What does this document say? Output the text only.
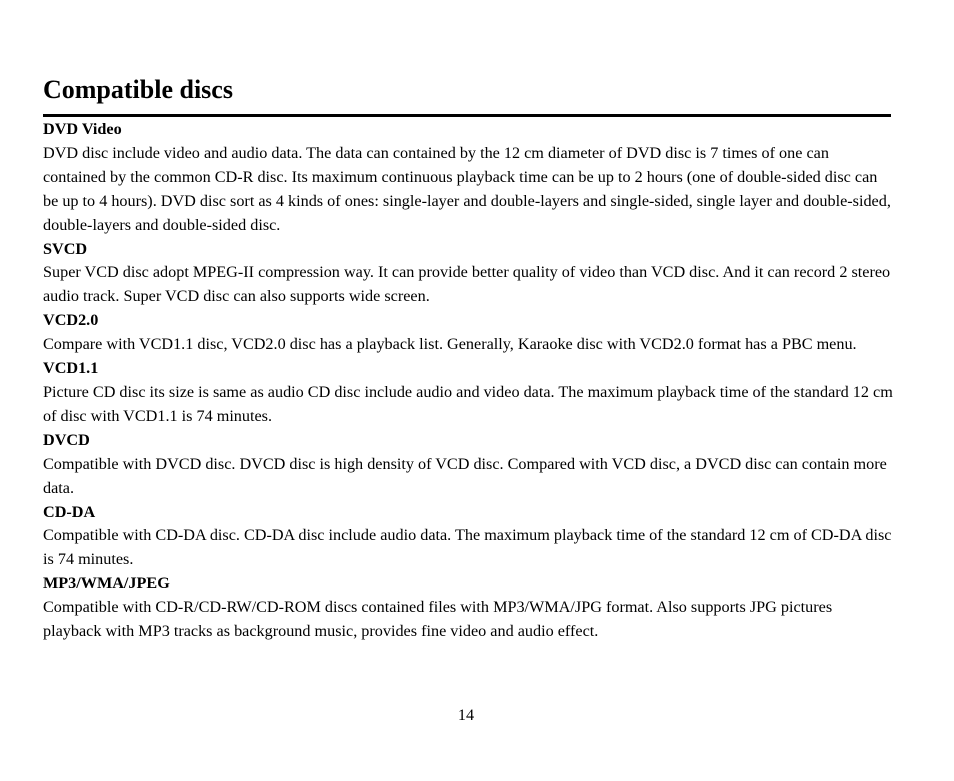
Compatible discs

DVD Video

DVD disc include video and audio data. The data can contained by the 12 cm diameter of DVD disc is 7 times of one can contained by the common CD-R disc. Its maximum continuous playback time can be up to 2 hours (one of double-sided disc can be up to 4 hours). DVD disc sort as 4 kinds of ones: single-layer and double-layers and single-sided, single layer and double-sided, double-layers and double-sided disc.

SVCD

Super VCD disc adopt MPEG-II compression way. It can provide better quality of video than VCD disc. And it can record 2 stereo audio track. Super VCD disc can also supports wide screen.

VCD2.0

Compare with VCD1.1 disc, VCD2.0 disc has a playback list. Generally, Karaoke disc with VCD2.0 format has a PBC menu.

VCD1.1

Picture CD disc its size is same as audio CD disc include audio and video data. The maximum playback time of the standard 12 cm of disc with VCD1.1 is 74 minutes.

DVCD

Compatible with DVCD disc. DVCD disc is high density of VCD disc. Compared with VCD disc, a DVCD disc can contain more data.

CD-DA

Compatible with CD-DA disc. CD-DA disc include audio data. The maximum playback time of the standard 12 cm of CD-DA disc is 74 minutes.

MP3/WMA/JPEG

Compatible with CD-R/CD-RW/CD-ROM discs contained files with MP3/WMA/JPG format. Also supports JPG pictures playback with MP3 tracks as background music, provides fine video and audio effect.

14
